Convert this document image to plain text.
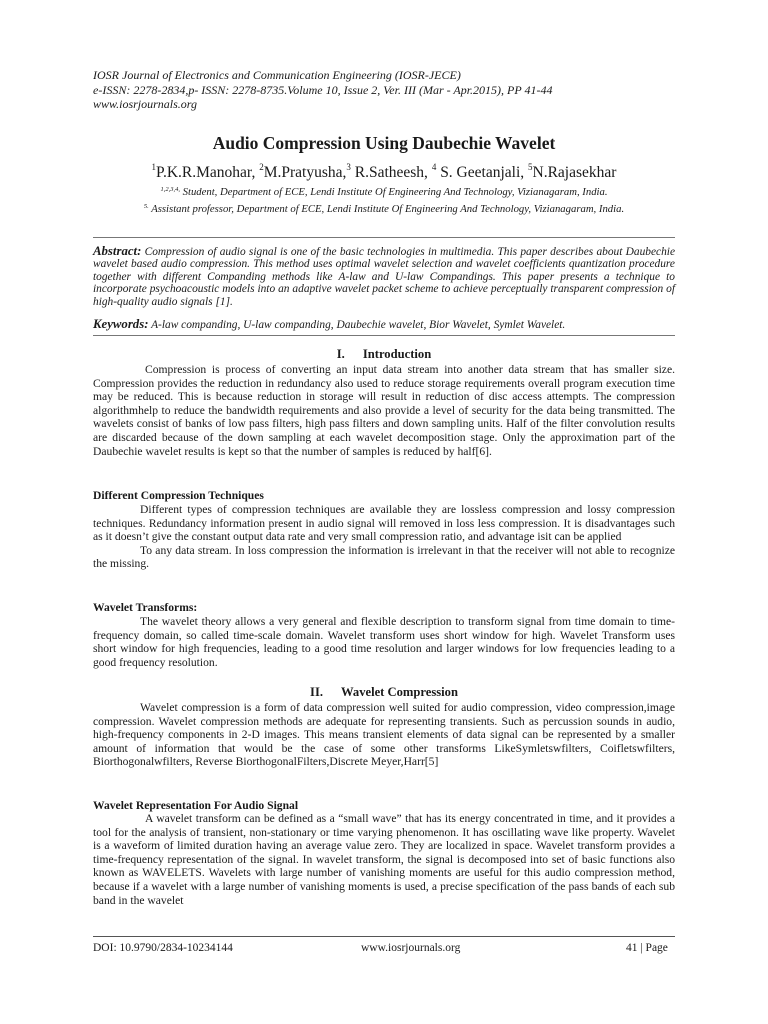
IOSR Journal of Electronics and Communication Engineering (IOSR-JECE)
e-ISSN: 2278-2834,p- ISSN: 2278-8735.Volume 10, Issue 2, Ver. III (Mar - Apr.2015), PP 41-44
www.iosrjournals.org
Audio Compression Using Daubechie Wavelet
$^1$P.K.R.Manohar, $^2$M.Pratyusha,$^3$ R.Satheesh, $^4$ S. Geetanjali, $^5$N.Rajasekhar
$^{1,2,3,4,}$ Student, Department of ECE, Lendi Institute Of Engineering And Technology, Vizianagaram, India.
$^{5.}$ Assistant professor, Department of ECE, Lendi Institute Of Engineering And Technology, Vizianagaram, India.
Abstract: Compression of audio signal is one of the basic technologies in multimedia. This paper describes about Daubechie wavelet based audio compression. This method uses optimal wavelet selection and wavelet coefficients quantization procedure together with different Companding methods like A-law and U-law Compandings. This paper presents a technique to incorporate psychoacoustic models into an adaptive wavelet packet scheme to achieve perceptually transparent compression of high-quality audio signals [1].
Keywords: A-law companding, U-law companding, Daubechie wavelet, Bior Wavelet, Symlet Wavelet.
I. Introduction

Compression is process of converting an input data stream into another data stream that has smaller size. Compression provides the reduction in redundancy also used to reduce storage requirements overall program execution time may be reduced. This is because reduction in storage will result in reduction of disc access attempts. The compression algorithmhelp to reduce the bandwidth requirements and also provide a level of security for the data being transmitted. The wavelets consist of banks of low pass filters, high pass filters and down sampling units. Half of the filter convolution results are discarded because of the down sampling at each wavelet decomposition stage. Only the approximation part of the Daubechie wavelet results is kept so that the number of samples is reduced by half[6].

Different Compression Techniques

Different types of compression techniques are available they are lossless compression and lossy compression techniques. Redundancy information present in audio signal will removed in loss less compression. It is disadvantages such as it doesn’t give the constant output data rate and very small compression ratio, and advantage isit can be applied

To any data stream. In loss compression the information is irrelevant in that the receiver will not able to recognize the missing.

Wavelet Transforms:

The wavelet theory allows a very general and flexible description to transform signal from time domain to time-frequency domain, so called time-scale domain. Wavelet transform uses short window for high. Wavelet Transform uses short window for high frequencies, leading to a good time resolution and larger windows for low frequencies leading to a good frequency resolution.

II. Wavelet Compression

Wavelet compression is a form of data compression well suited for audio compression, video compression,image compression. Wavelet compression methods are adequate for representing transients. Such as percussion sounds in audio, high-frequency components in 2-D images. This means transient elements of data signal can be represented by a smaller amount of information that would be the case of some other transforms LikeSymletswfilters, Coifletswfilters, Biorthogonalwfilters, Reverse BiorthogonalFilters,Discrete Meyer,Harr[5]

Wavelet Representation For Audio Signal

A wavelet transform can be defined as a “small wave” that has its energy concentrated in time, and it provides a tool for the analysis of transient, non-stationary or time varying phenomenon. It has oscillating wave like property. Wavelet is a waveform of limited duration having an average value zero. They are localized in space. Wavelet transform provides a time-frequency representation of the signal. In wavelet transform, the signal is decomposed into set of basic functions also known as WAVELETS. Wavelets with large number of vanishing moments are useful for this audio compression method, because if a wavelet with a large number of vanishing moments is used, a precise specification of the pass bands of each sub band in the wavelet

DOI: 10.9790/2834-10234144	www.iosrjournals.org	41 | Page
